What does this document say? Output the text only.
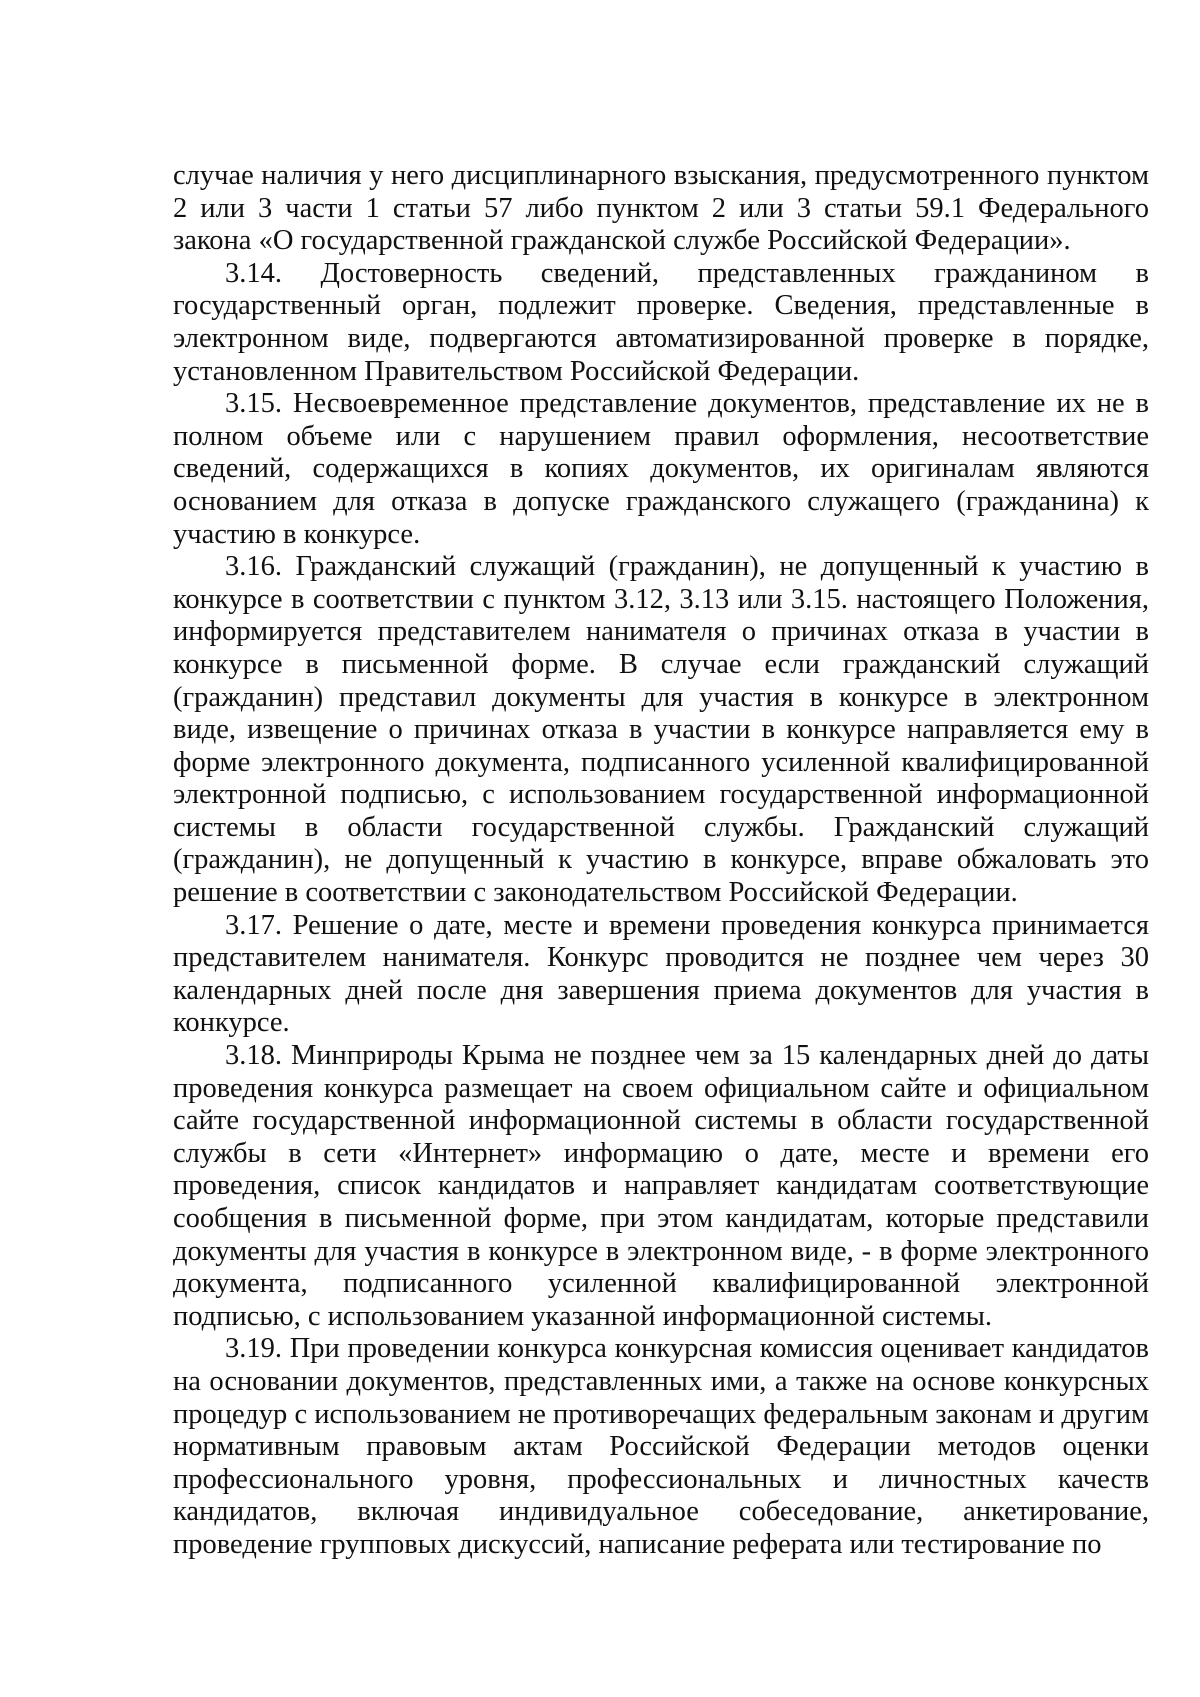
случае наличия у него дисциплинарного взыскания, предусмотренного пунктом 2 или 3 части 1 статьи 57 либо пунктом 2 или 3 статьи 59.1 Федерального закона «О государственной гражданской службе Российской Федерации».

3.14. Достоверность сведений, представленных гражданином в государственный орган, подлежит проверке. Сведения, представленные в электронном виде, подвергаются автоматизированной проверке в порядке, установленном Правительством Российской Федерации.

3.15. Несвоевременное представление документов, представление их не в полном объеме или с нарушением правил оформления, несоответствие сведений, содержащихся в копиях документов, их оригиналам являются основанием для отказа в допуске гражданского служащего (гражданина) к участию в конкурсе.

3.16. Гражданский служащий (гражданин), не допущенный к участию в конкурсе в соответствии с пунктом 3.12, 3.13 или 3.15. настоящего Положения, информируется представителем нанимателя о причинах отказа в участии в конкурсе в письменной форме. В случае если гражданский служащий (гражданин) представил документы для участия в конкурсе в электронном виде, извещение о причинах отказа в участии в конкурсе направляется ему в форме электронного документа, подписанного усиленной квалифицированной электронной подписью, с использованием государственной информационной системы в области государственной службы. Гражданский служащий (гражданин), не допущенный к участию в конкурсе, вправе обжаловать это решение в соответствии с законодательством Российской Федерации.

3.17. Решение о дате, месте и времени проведения конкурса принимается представителем нанимателя. Конкурс проводится не позднее чем через 30 календарных дней после дня завершения приема документов для участия в конкурсе.

3.18. Минприроды Крыма не позднее чем за 15 календарных дней до даты проведения конкурса размещает на своем официальном сайте и официальном сайте государственной информационной системы в области государственной службы в сети «Интернет» информацию о дате, месте и времени его проведения, список кандидатов и направляет кандидатам соответствующие сообщения в письменной форме, при этом кандидатам, которые представили документы для участия в конкурсе в электронном виде, - в форме электронного документа, подписанного усиленной квалифицированной электронной подписью, с использованием указанной информационной системы.

3.19. При проведении конкурса конкурсная комиссия оценивает кандидатов на основании документов, представленных ими, а также на основе конкурсных процедур с использованием не противоречащих федеральным законам и другим нормативным правовым актам Российской Федерации методов оценки профессионального уровня, профессиональных и личностных качеств кандидатов, включая индивидуальное собеседование, анкетирование, проведение групповых дискуссий, написание реферата или тестирование по
